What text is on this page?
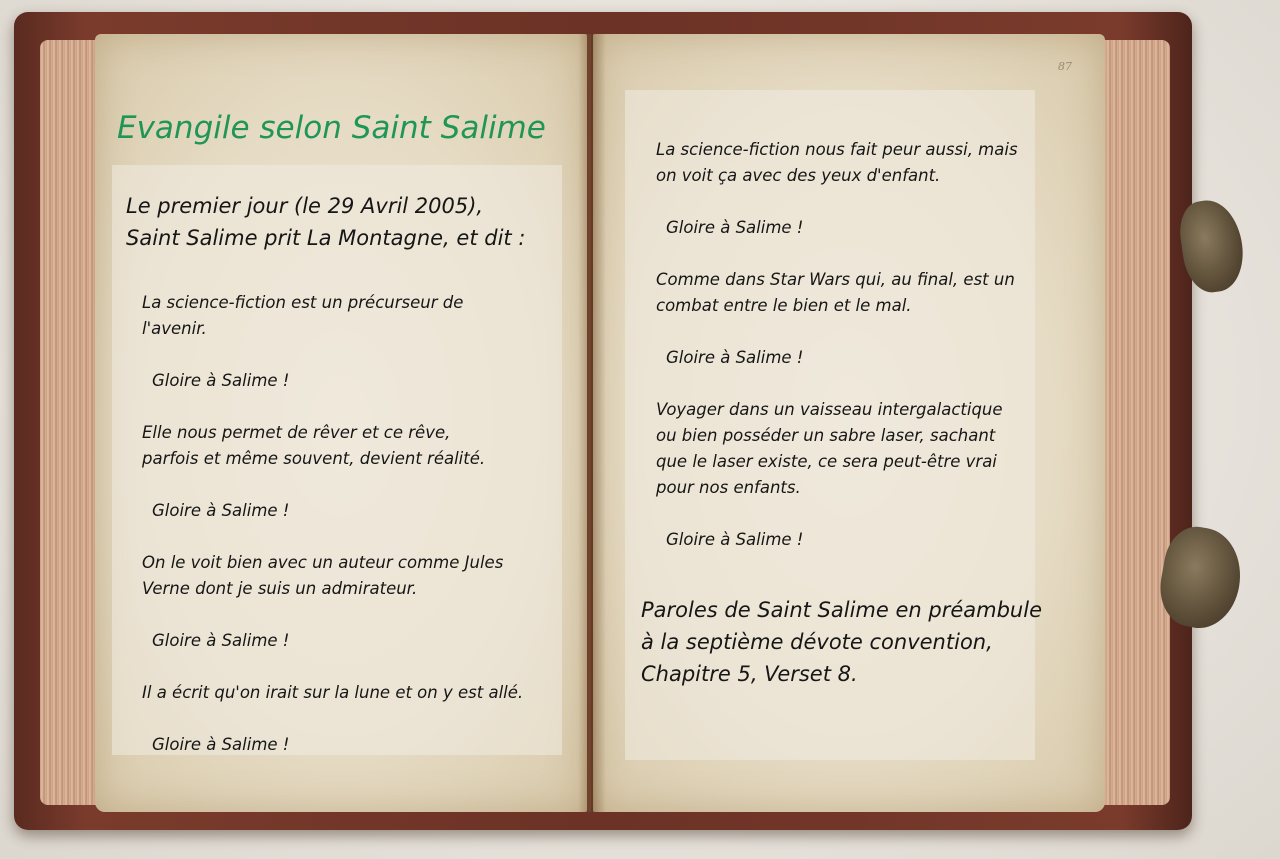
87
Evangile selon Saint Salime
Le premier jour (le 29 Avril 2005),
Saint Salime prit La Montagne, et dit :

La science-fiction est un précurseur de
l'avenir.

Gloire à Salime !

Elle nous permet de rêver et ce rêve,
parfois et même souvent, devient réalité.

Gloire à Salime !

On le voit bien avec un auteur comme Jules
Verne dont je suis un admirateur.

Gloire à Salime !

Il a écrit qu'on irait sur la lune et on y est allé.

Gloire à Salime !

La science-fiction nous fait peur aussi, mais
on voit ça avec des yeux d'enfant.

Gloire à Salime !

Comme dans Star Wars qui, au final, est un
combat entre le bien et le mal.

Gloire à Salime !

Voyager dans un vaisseau intergalactique
ou bien posséder un sabre laser, sachant
que le laser existe, ce sera peut-être vrai
pour nos enfants.

Gloire à Salime !

Paroles de Saint Salime en préambule
à la septième dévote convention,
Chapitre 5, Verset 8.
